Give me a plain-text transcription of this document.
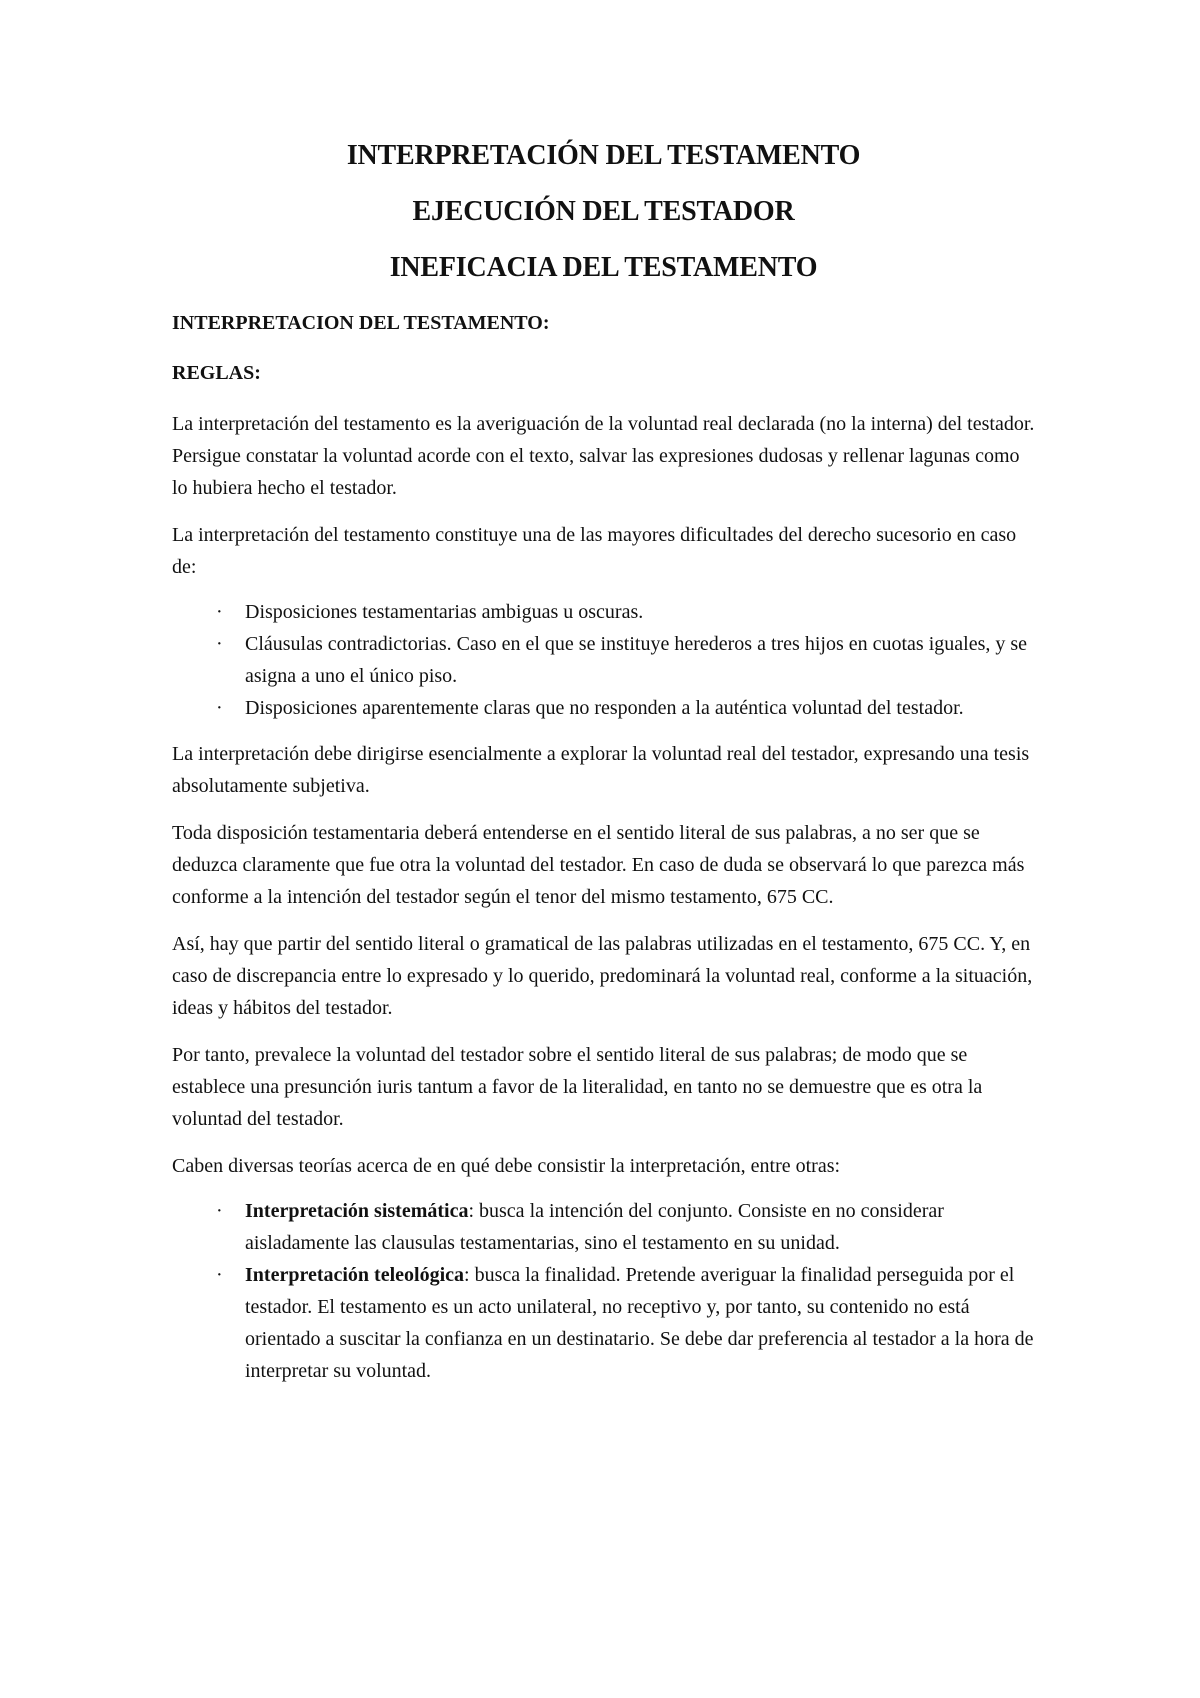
INTERPRETACIÓN DEL TESTAMENTO
EJECUCIÓN DEL TESTADOR
INEFICACIA DEL TESTAMENTO
INTERPRETACION DEL TESTAMENTO:
REGLAS:

La interpretación del testamento es la averiguación de la voluntad real declarada (no la interna) del testador. Persigue constatar la voluntad acorde con el texto, salvar las expresiones dudosas y rellenar lagunas como lo hubiera hecho el testador.

La interpretación del testamento constituye una de las mayores dificultades del derecho sucesorio en caso de:

· Disposiciones testamentarias ambiguas u oscuras.
· Cláusulas contradictorias. Caso en el que se instituye herederos a tres hijos en cuotas iguales, y se asigna a uno el único piso.
· Disposiciones aparentemente claras que no responden a la auténtica voluntad del testador.

La interpretación debe dirigirse esencialmente a explorar la voluntad real del testador, expresando una tesis absolutamente subjetiva.

Toda disposición testamentaria deberá entenderse en el sentido literal de sus palabras, a no ser que se deduzca claramente que fue otra la voluntad del testador. En caso de duda se observará lo que parezca más conforme a la intención del testador según el tenor del mismo testamento, 675 CC.

Así, hay que partir del sentido literal o gramatical de las palabras utilizadas en el testamento, 675 CC. Y, en caso de discrepancia entre lo expresado y lo querido, predominará la voluntad real, conforme a la situación, ideas y hábitos del testador.

Por tanto, prevalece la voluntad del testador sobre el sentido literal de sus palabras; de modo que se establece una presunción iuris tantum a favor de la literalidad, en tanto no se demuestre que es otra la voluntad del testador.

Caben diversas teorías acerca de en qué debe consistir la interpretación, entre otras:

· Interpretación sistemática: busca la intención del conjunto. Consiste en no considerar aisladamente las clausulas testamentarias, sino el testamento en su unidad.
· Interpretación teleológica: busca la finalidad. Pretende averiguar la finalidad perseguida por el testador. El testamento es un acto unilateral, no receptivo y, por tanto, su contenido no está orientado a suscitar la confianza en un destinatario. Se debe dar preferencia al testador a la hora de interpretar su voluntad.
